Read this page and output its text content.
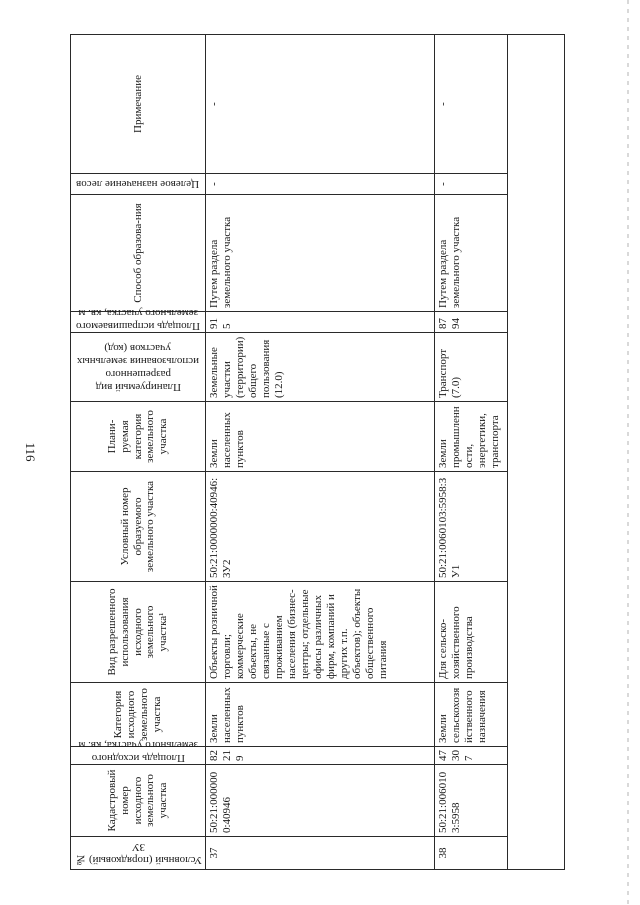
116
Условный (порядковый) № ЗУ	Кадастровый номер исходного земельного участка	Площадь исходного земельного участка, кв. м	Категория исходного земельного участка	Вид разрешенного использования исходного земельного участка¹	Условный номер образуемого земельного участка	Плани-руемая категория земельного участка	Планируемый вид разрешенного использования земельных участков (код)	Площадь испрашиваемого земельного участка, кв. м	Способ образова-ния	Целевое назначение лесов	Примечание
37	50:21:0000000:40946	82219	Земли населенных пунктов	Объекты розничной торговли; коммерческие объекты, не связанные с проживанием населения (бизнес-центры; отдельные офисы различных фирм, компаний и других т.п. объектов); объекты общественного питания	50:21:0000000:40946:ЗУ2	Земли населенных пунктов	Земельные участки (территории) общего пользования (12.0)	915	Путем раздела земельного участка	-	-
38	50:21:0060103:5958	47307	Земли сельскохозяйственного назначения	Для сельско-хозяйственного производства	50:21:0060103:5958:ЗУ1	Земли промышленности, энергетики, транспорта	Транспорт (7.0)	8794	Путем раздела земельного участка	-	-
